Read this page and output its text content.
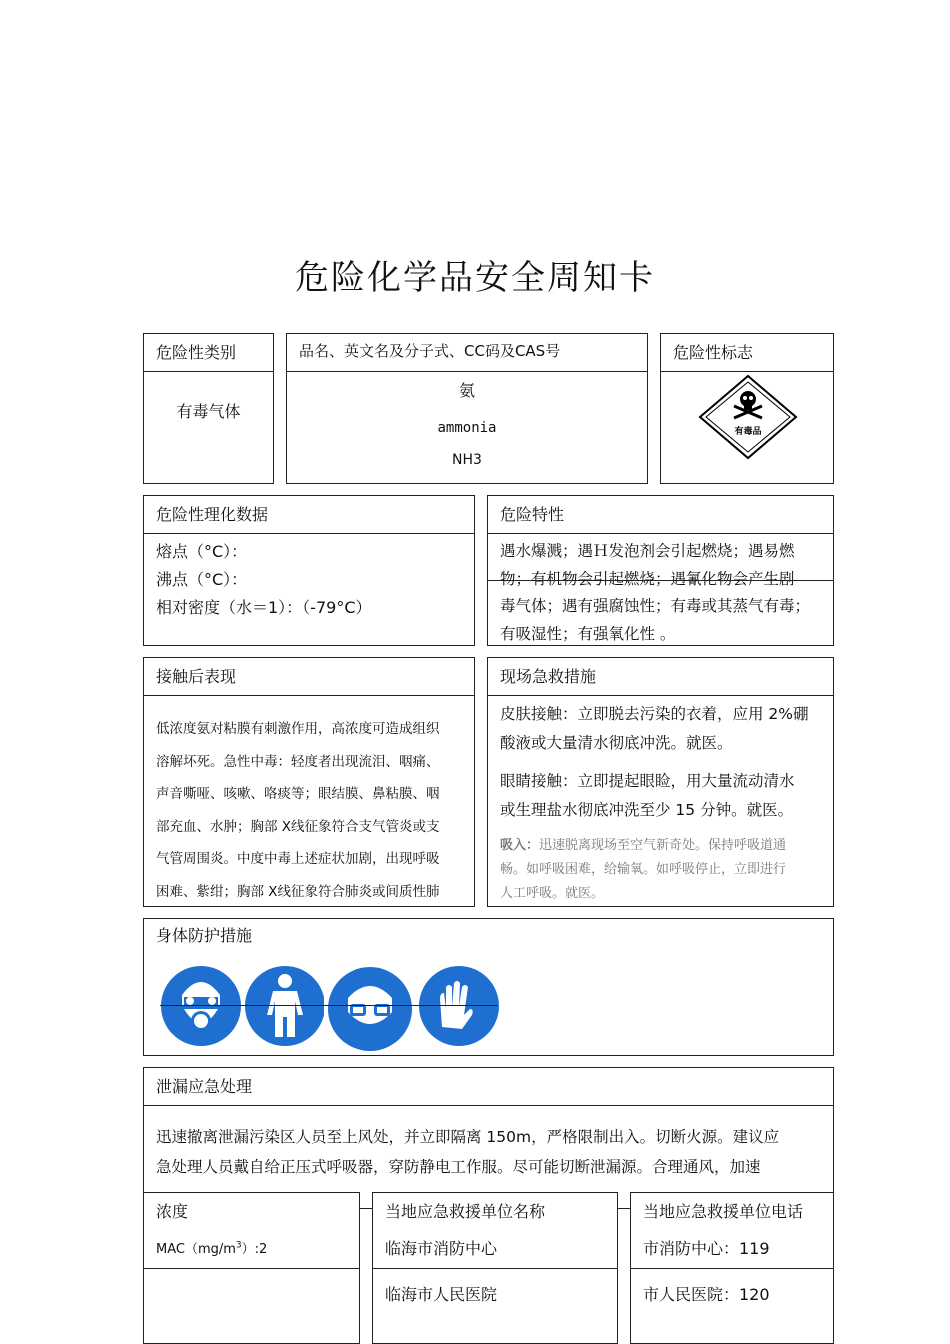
危险化学品安全周知卡
危险性类别
有毒气体
品名、英文名及分子式、CC码及CAS号
氨
ammonia
NH3
危险性标志
有毒品
危险性理化数据
熔点（°C）：
沸点（°C）：
相对密度（水＝1）：（-79°C）
危险特性
遇水爆溅；遇Ｈ发泡剂会引起燃烧；遇易燃
物；有机物会引起燃烧；遇氰化物会产生剧
毒气体；遇有强腐蚀性；有毒或其蒸气有毒；
有吸湿性；有强氧化性 。
接触后表现
低浓度氨对粘膜有刺激作用，高浓度可造成组织
溶解坏死。急性中毒：轻度者出现流泪、咽痛、
声音嘶哑、咳嗽、咯痰等；眼结膜、鼻粘膜、咽
部充血、水肿；胸部 X线征象符合支气管炎或支
气管周围炎。中度中毒上述症状加剧，出现呼吸
困难、紫绀；胸部 X线征象符合肺炎或间质性肺
现场急救措施
皮肤接触：立即脱去污染的衣着，应用 2%硼
酸液或大量清水彻底冲洗。就医。
眼睛接触：立即提起眼睑，用大量流动清水
或生理盐水彻底冲洗至少 15 分钟。就医。
吸入：迅速脱离现场至空气新奇处。保持呼吸道通
畅。如呼吸困难，给输氧。如呼吸停止，立即进行
人工呼吸。就医。
身体防护措施
泄漏应急处理
迅速撤离泄漏污染区人员至上风处，并立即隔离 150m，严格限制出入。切断火源。建议应
急处理人员戴自给正压式呼吸器，穿防静电工作服。尽可能切断泄漏源。合理通风，加速
浓度
$MAC(mg/m^3):2$
当地应急救援单位名称
临海市消防中心
临海市人民医院
当地应急救援单位电话
市消防中心：119
市人民医院：120
